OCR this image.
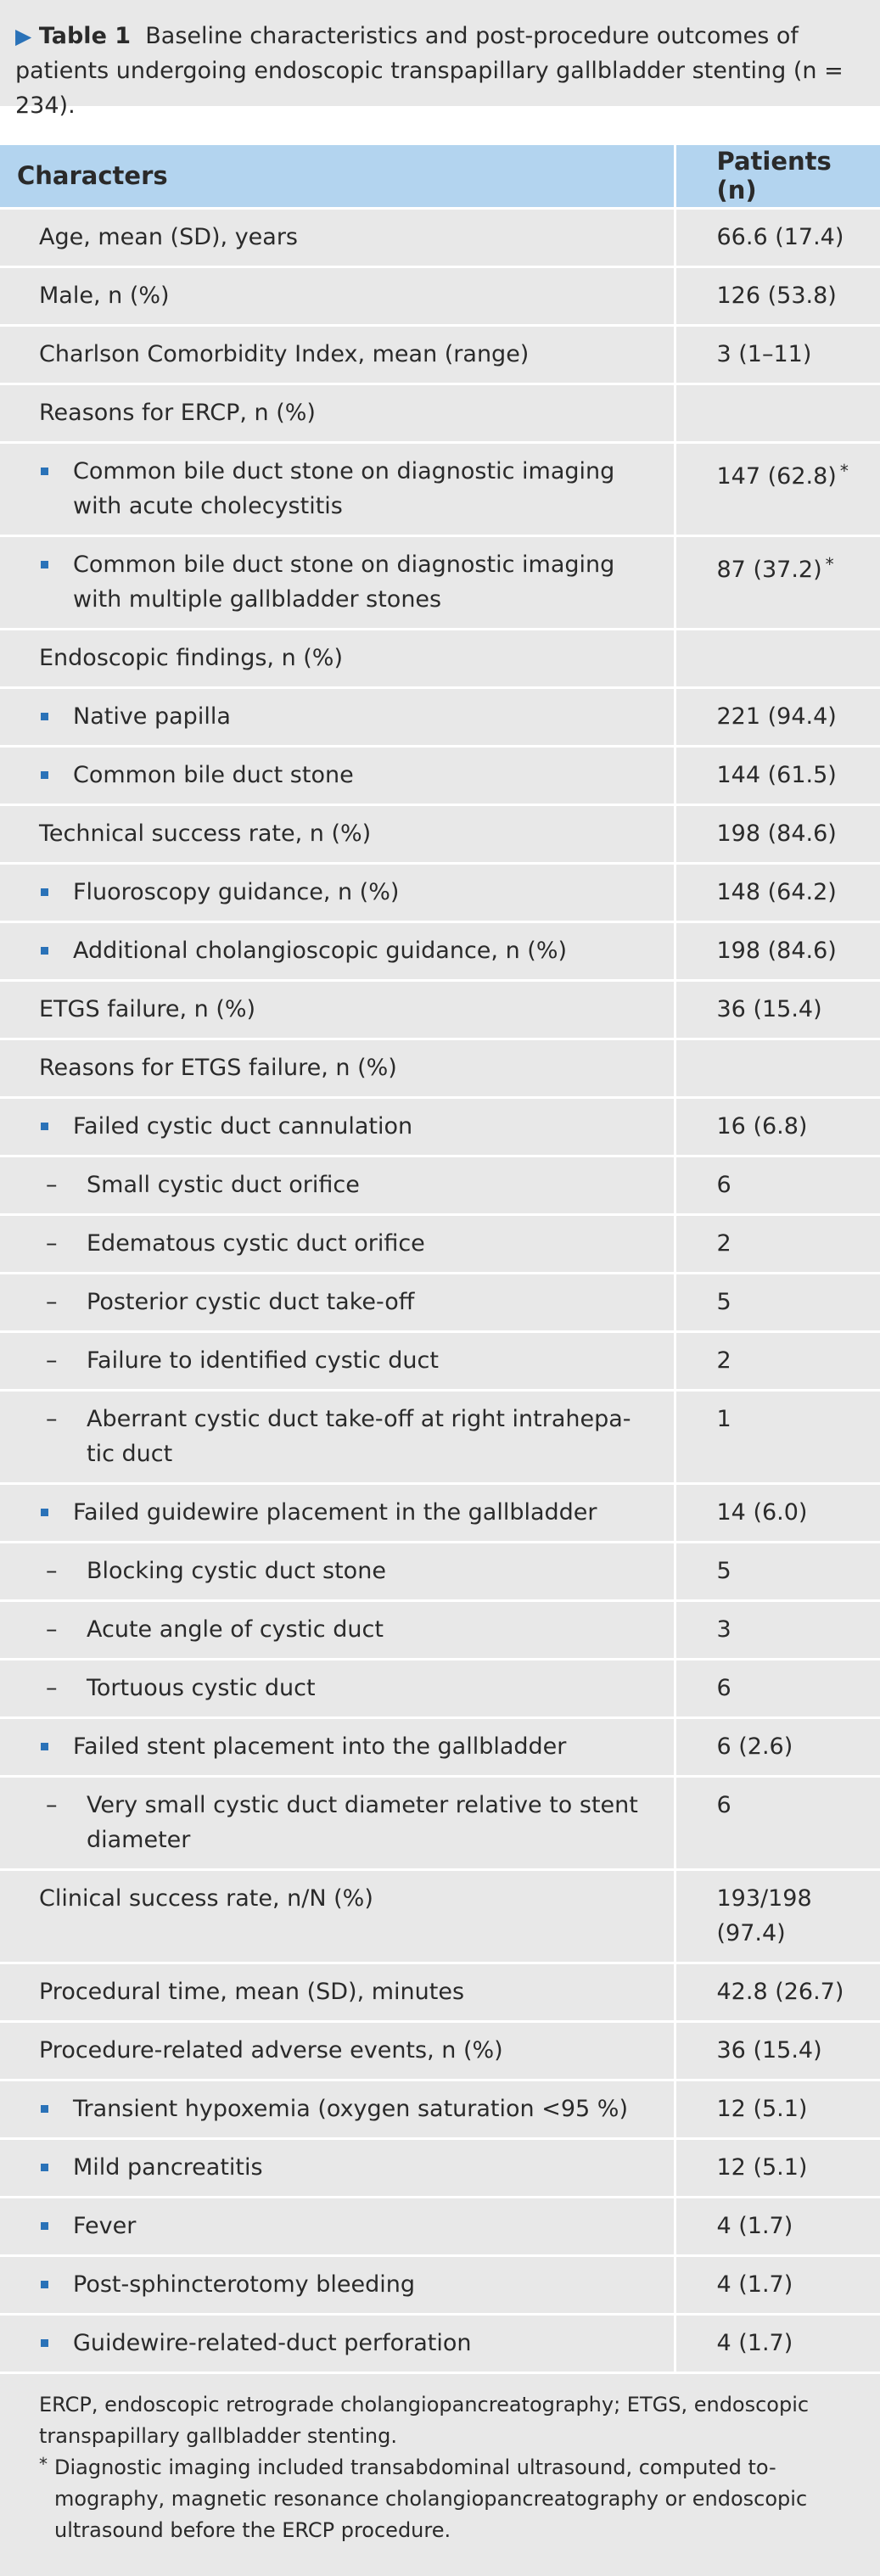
▶ Table 1 Baseline characteristics and post-procedure outcomes of patients undergoing endoscopic transpapillary gallbladder stenting (n = 234).
Characters	Patients (n)

Age, mean (SD), years	66.6 (17.4)

Male, n (%)	126 (53.8)

Charlson Comorbidity Index, mean (range)	3 (1–11)

Reasons for ERCP, n (%)	

Common bile duct stone on diagnostic imaging with acute cholecystitis	147 (62.8) *

Common bile duct stone on diagnostic imaging with multiple gallbladder stones	87 (37.2) *

Endoscopic findings, n (%)	

Native papilla	221 (94.4)

Common bile duct stone	144 (61.5)

Technical success rate, n (%)	198 (84.6)

Fluoroscopy guidance, n (%)	148 (64.2)

Additional cholangioscopic guidance, n (%)	198 (84.6)

ETGS failure, n (%)	36 (15.4)

Reasons for ETGS failure, n (%)	

Failed cystic duct cannulation	16 (6.8)

– Small cystic duct orifice	6

– Edematous cystic duct orifice	2

– Posterior cystic duct take-off	5

– Failure to identified cystic duct	2

– Aberrant cystic duct take-off at right intrahepa-tic duct	1

Failed guidewire placement in the gallbladder	14 (6.0)

– Blocking cystic duct stone	5

– Acute angle of cystic duct	3

– Tortuous cystic duct	6

Failed stent placement into the gallbladder	6 (2.6)

– Very small cystic duct diameter relative to stent diameter	6

Clinical success rate, n/N (%)	193/198 (97.4)

Procedural time, mean (SD), minutes	42.8 (26.7)

Procedure-related adverse events, n (%)	36 (15.4)

Transient hypoxemia (oxygen saturation <95 %)	12 (5.1)

Mild pancreatitis	12 (5.1)

Fever	4 (1.7)

Post-sphincterotomy bleeding	4 (1.7)

Guidewire-related-duct perforation	4 (1.7)
ERCP, endoscopic retrograde cholangiopancreatography; ETGS, endoscopic transpapillary gallbladder stenting.
* Diagnostic imaging included transabdominal ultrasound, computed to-mography, magnetic resonance cholangiopancreatography or endoscopic ultrasound before the ERCP procedure.
